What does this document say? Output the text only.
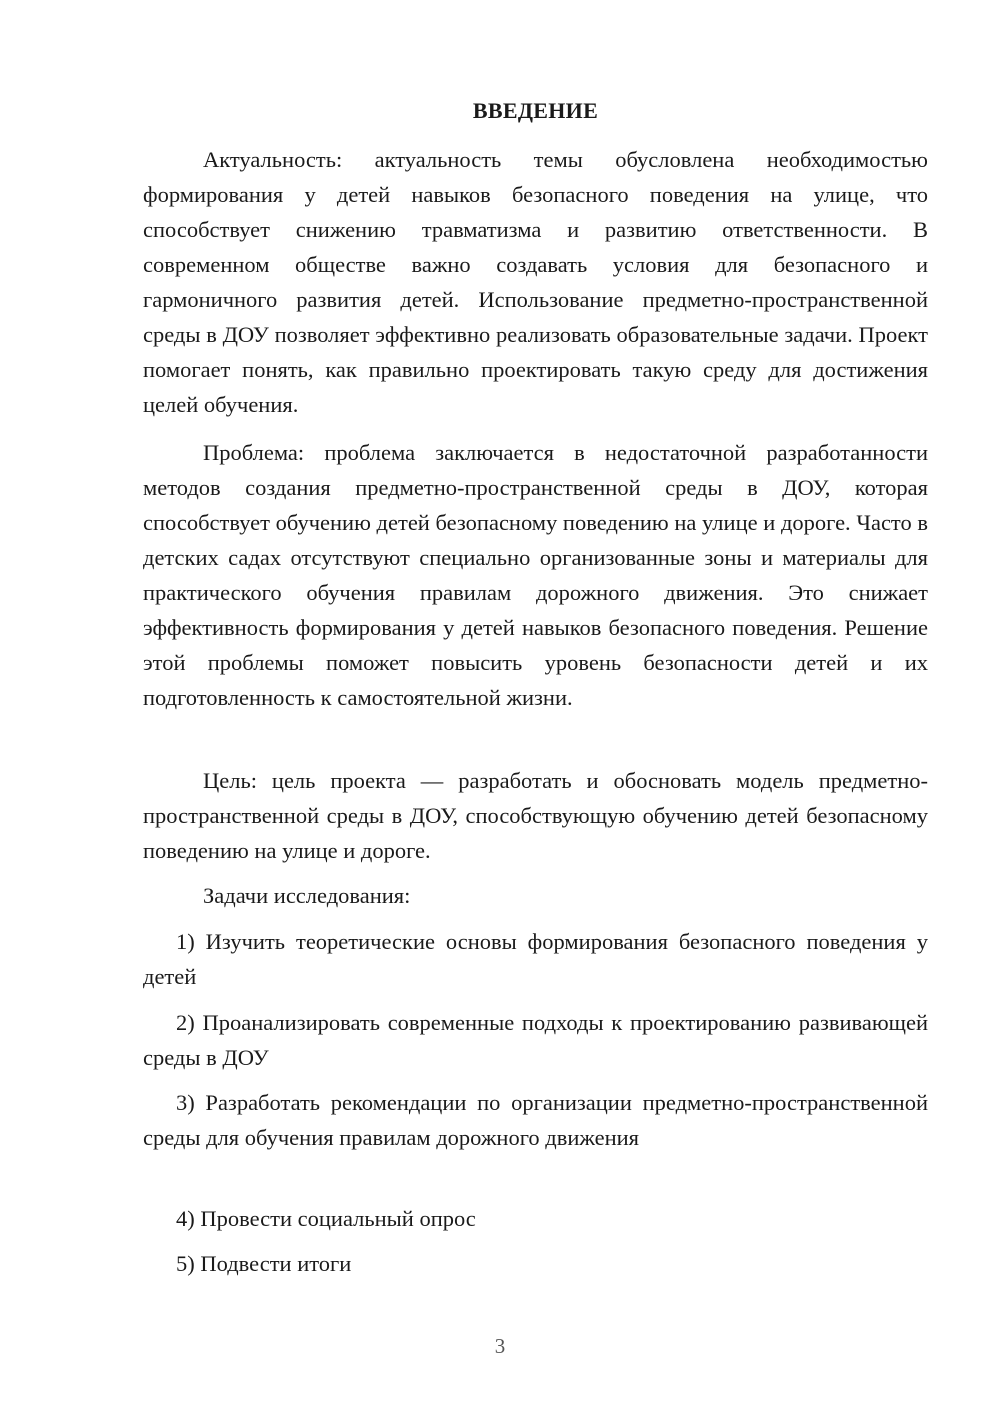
ВВЕДЕНИЕ

Актуальность: актуальность темы обусловлена необходимостью формирования у детей навыков безопасного поведения на улице, что способствует снижению травматизма и развитию ответственности. В современном обществе важно создавать условия для безопасного и гармоничного развития детей. Использование предметно-пространственной среды в ДОУ позволяет эффективно реализовать образовательные задачи. Проект помогает понять, как правильно проектировать такую среду для достижения целей обучения.

Проблема: проблема заключается в недостаточной разработанности методов создания предметно-пространственной среды в ДОУ, которая способствует обучению детей безопасному поведению на улице и дороге. Часто в детских садах отсутствуют специально организованные зоны и материалы для практического обучения правилам дорожного движения. Это снижает эффективность формирования у детей навыков безопасного поведения. Решение этой проблемы поможет повысить уровень безопасности детей и их подготовленность к самостоятельной жизни.

Цель: цель проекта — разработать и обосновать модель предметно-пространственной среды в ДОУ, способствующую обучению детей безопасному поведению на улице и дороге.

Задачи исследования:

1) Изучить теоретические основы формирования безопасного поведения у детей

2) Проанализировать современные подходы к проектированию развивающей среды в ДОУ

3) Разработать рекомендации по организации предметно-пространственной среды для обучения правилам дорожного движения

4) Провести социальный опрос

5) Подвести итоги

3
